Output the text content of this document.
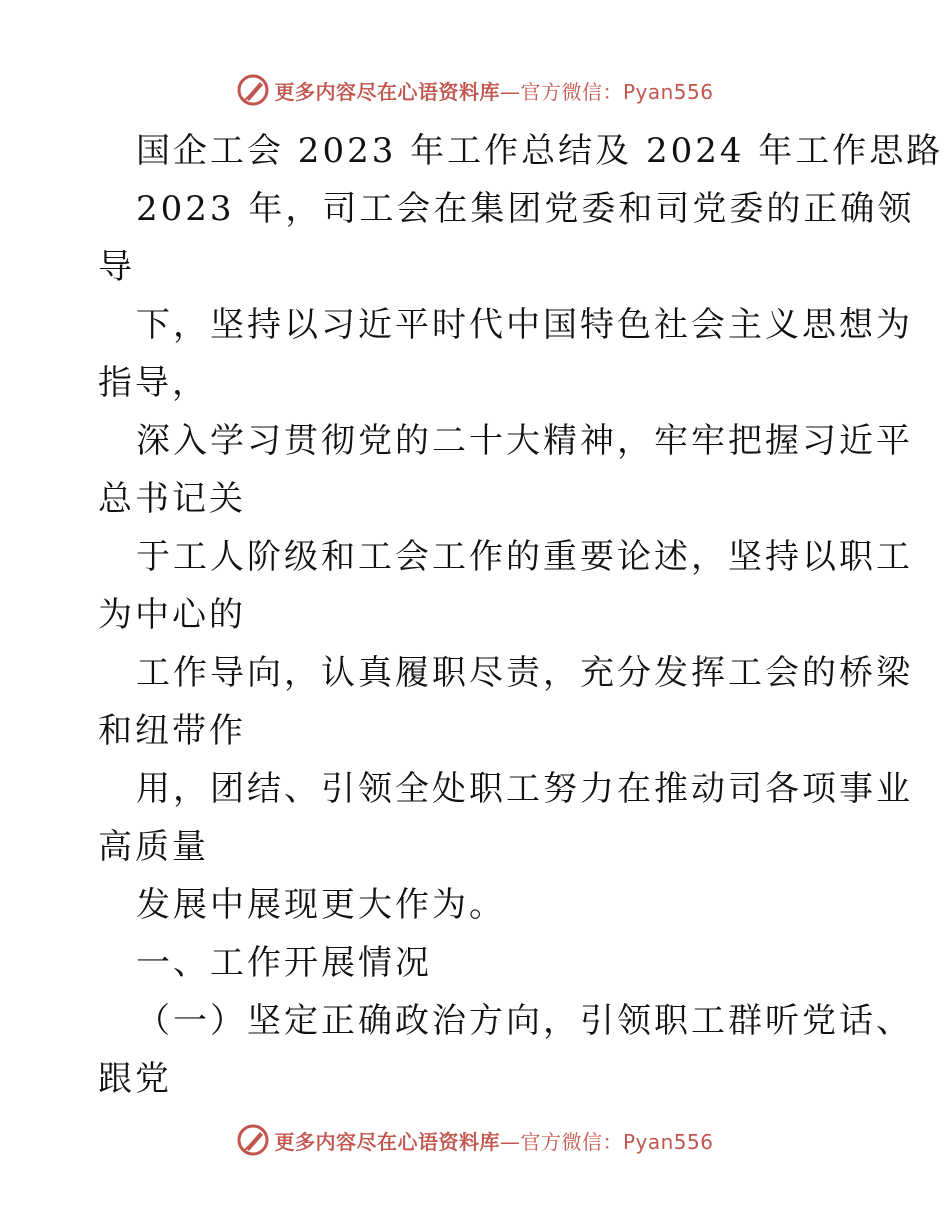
更多内容尽在心语资料库—官方微信：Pyan556
国企工会 2023 年工作总结及 2024 年工作思路
2023 年，司工会在集团党委和司党委的正确领
导
下，坚持以习近平时代中国特色社会主义思想为
指导，
深入学习贯彻党的二十大精神，牢牢把握习近平
总书记关
于工人阶级和工会工作的重要论述，坚持以职工
为中心的
工作导向，认真履职尽责，充分发挥工会的桥梁
和纽带作
用，团结、引领全处职工努力在推动司各项事业
高质量
发展中展现更大作为。
一、工作开展情况
（一）坚定正确政治方向，引领职工群听党话、
跟党
更多内容尽在心语资料库—官方微信：Pyan556
